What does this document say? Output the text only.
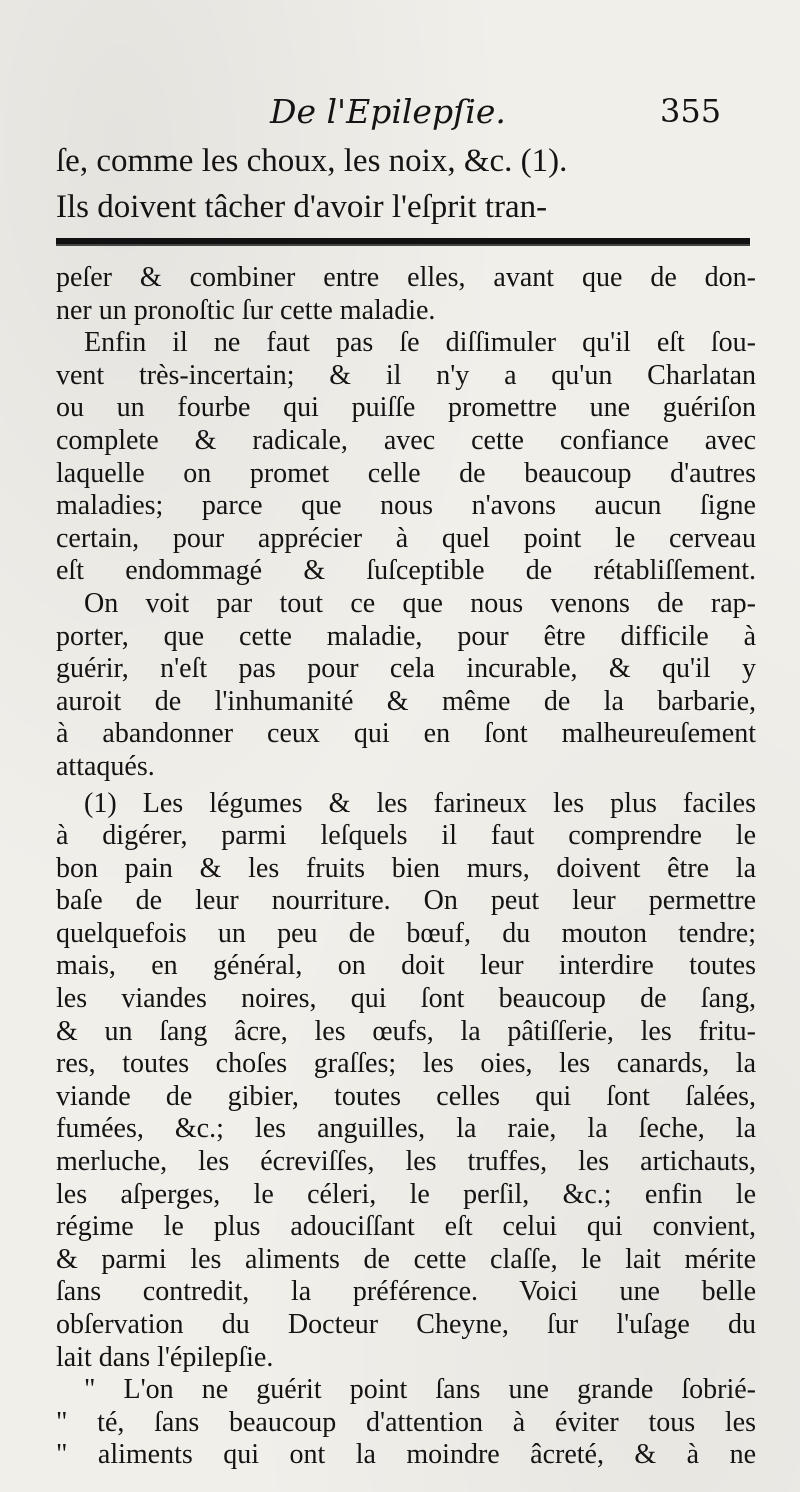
De l'Epilepſie.	355
ſe, comme les choux, les noix, &c. (1).
Ils doivent tâcher d'avoir l'eſprit tran-
peſer & combiner entre elles, avant que de don-
ner un pronoſtic ſur cette maladie.
Enfin il ne faut pas ſe diſſimuler qu'il eſt ſou-
vent très-incertain; & il n'y a qu'un Charlatan
ou un fourbe qui puiſſe promettre une guériſon
complete & radicale, avec cette confiance avec
laquelle on promet celle de beaucoup d'autres
maladies; parce que nous n'avons aucun ſigne
certain, pour apprécier à quel point le cerveau
eſt endommagé & ſuſceptible de rétabliſſement.
On voit par tout ce que nous venons de rap-
porter, que cette maladie, pour être difficile à
guérir, n'eſt pas pour cela incurable, & qu'il y
auroit de l'inhumanité & même de la barbarie,
à abandonner ceux qui en ſont malheureuſement
attaqués.
(1) Les légumes & les farineux les plus faciles
à digérer, parmi leſquels il faut comprendre le
bon pain & les fruits bien murs, doivent être la
baſe de leur nourriture. On peut leur permettre
quelquefois un peu de bœuf, du mouton tendre;
mais, en général, on doit leur interdire toutes
les viandes noires, qui ſont beaucoup de ſang,
& un ſang âcre, les œufs, la pâtiſſerie, les fritu-
res, toutes choſes graſſes; les oies, les canards, la
viande de gibier, toutes celles qui ſont ſalées,
fumées, &c.; les anguilles, la raie, la ſeche, la
merluche, les écreviſſes, les truffes, les artichauts,
les aſperges, le céleri, le perſil, &c.; enfin le
régime le plus adouciſſant eſt celui qui convient,
& parmi les aliments de cette claſſe, le lait mérite
ſans contredit, la préférence. Voici une belle
obſervation du Docteur Cheyne, ſur l'uſage du
lait dans l'épilepſie.
" L'on ne guérit point ſans une grande ſobrié-
" té, ſans beaucoup d'attention à éviter tous les
" aliments qui ont la moindre âcreté, & à ne
